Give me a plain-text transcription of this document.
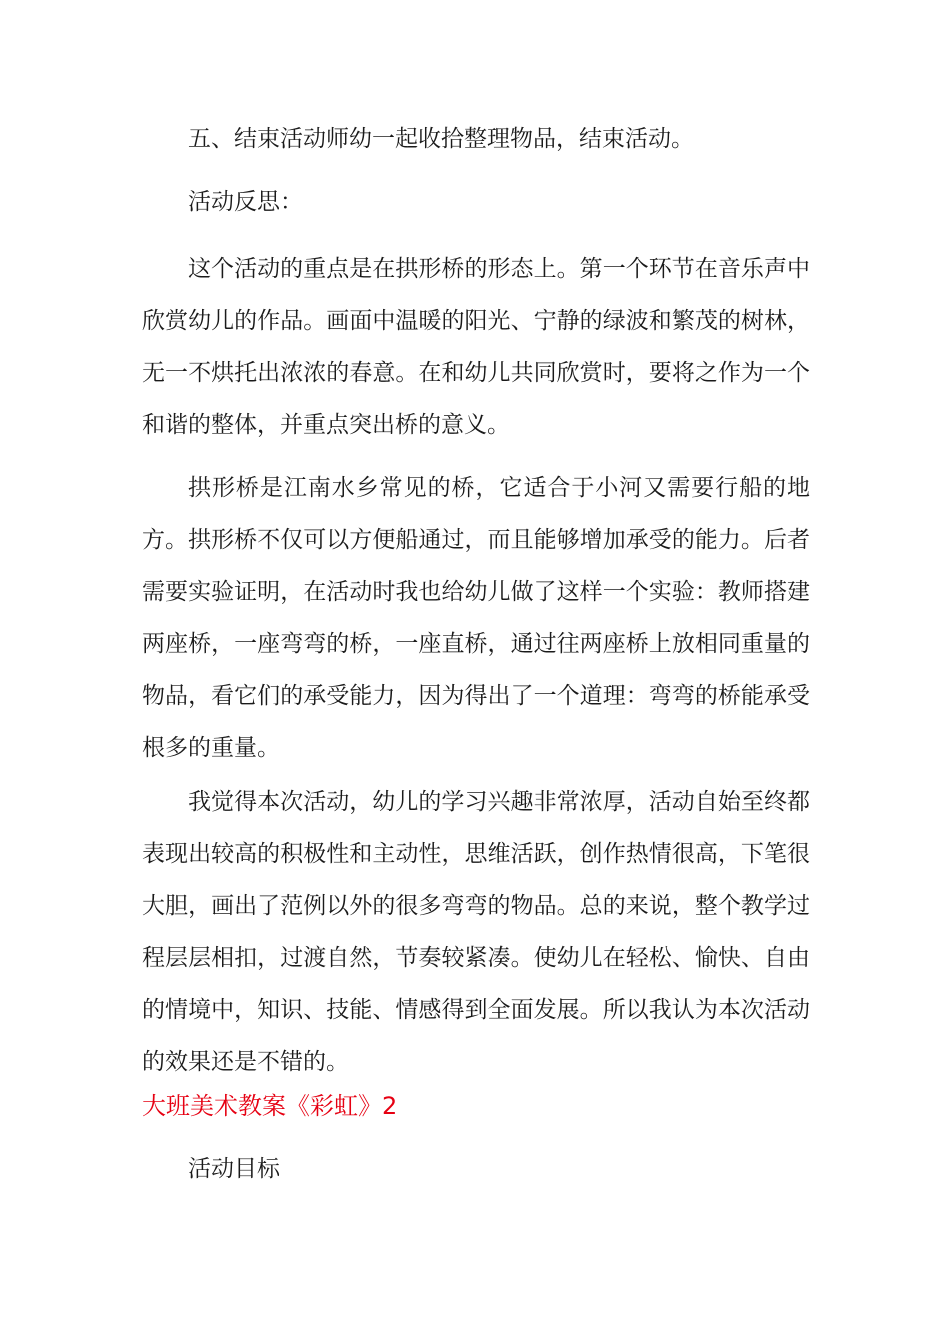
五、结束活动师幼一起收拾整理物品，结束活动。

活动反思：

这个活动的重点是在拱形桥的形态上。第一个环节在音乐声中欣赏幼儿的作品。画面中温暖的阳光、宁静的绿波和繁茂的树林，无一不烘托出浓浓的春意。在和幼儿共同欣赏时，要将之作为一个和谐的整体，并重点突出桥的意义。

拱形桥是江南水乡常见的桥，它适合于小河又需要行船的地方。拱形桥不仅可以方便船通过，而且能够增加承受的能力。后者需要实验证明，在活动时我也给幼儿做了这样一个实验：教师搭建两座桥，一座弯弯的桥，一座直桥，通过往两座桥上放相同重量的物品，看它们的承受能力，因为得出了一个道理：弯弯的桥能承受根多的重量。

我觉得本次活动，幼儿的学习兴趣非常浓厚，活动自始至终都表现出较高的积极性和主动性，思维活跃，创作热情很高，下笔很大胆，画出了范例以外的很多弯弯的物品。总的来说，整个教学过程层层相扣，过渡自然，节奏较紧凑。使幼儿在轻松、愉快、自由的情境中，知识、技能、情感得到全面发展。所以我认为本次活动的效果还是不错的。

大班美术教案《彩虹》2

活动目标
